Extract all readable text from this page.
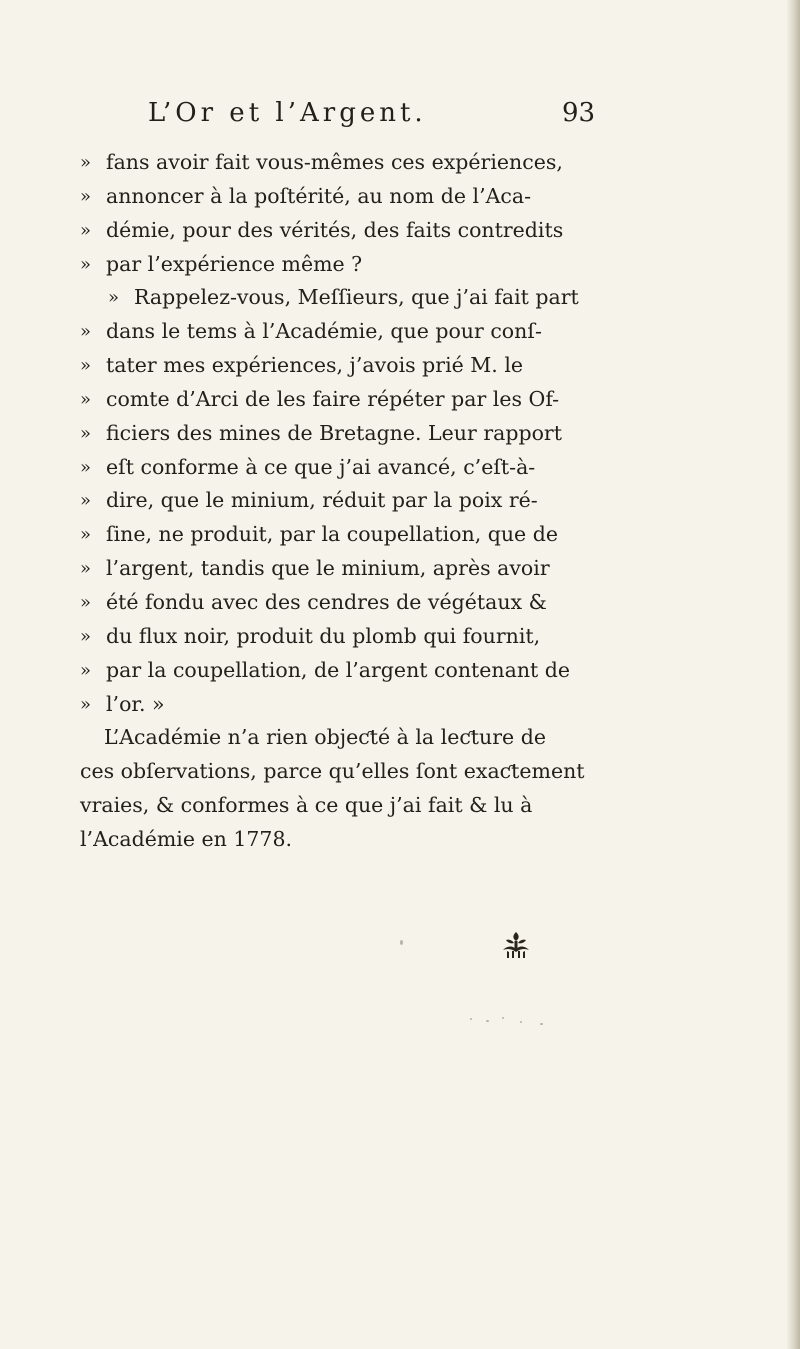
L’Or et l’Argent.	93
» fans avoir fait vous-mêmes ces expériences,
» annoncer à la poſtérité, au nom de l’Aca-
» démie, pour des vérités, des faits contredits
» par l’expérience même ?
» Rappelez-vous, Meſſieurs, que j’ai fait part
» dans le tems à l’Académie, que pour conſ-
» tater mes expériences, j’avois prié M. le
» comte d’Arci de les faire répéter par les Of-
» ficiers des mines de Bretagne. Leur rapport
» eſt conforme à ce que j’ai avancé, c’eſt-à-
» dire, que le minium, réduit par la poix ré-
» ſine, ne produit, par la coupellation, que de
» l’argent, tandis que le minium, après avoir
» été fondu avec des cendres de végétaux &
» du flux noir, produit du plomb qui fournit,
» par la coupellation, de l’argent contenant de
» l’or. »
L’Académie n’a rien objeƈté à la leƈture de
ces obſervations, parce qu’elles ſont exaƈtement
vraies, & conformes à ce que j’ai fait & lu à
l’Académie en 1778.
